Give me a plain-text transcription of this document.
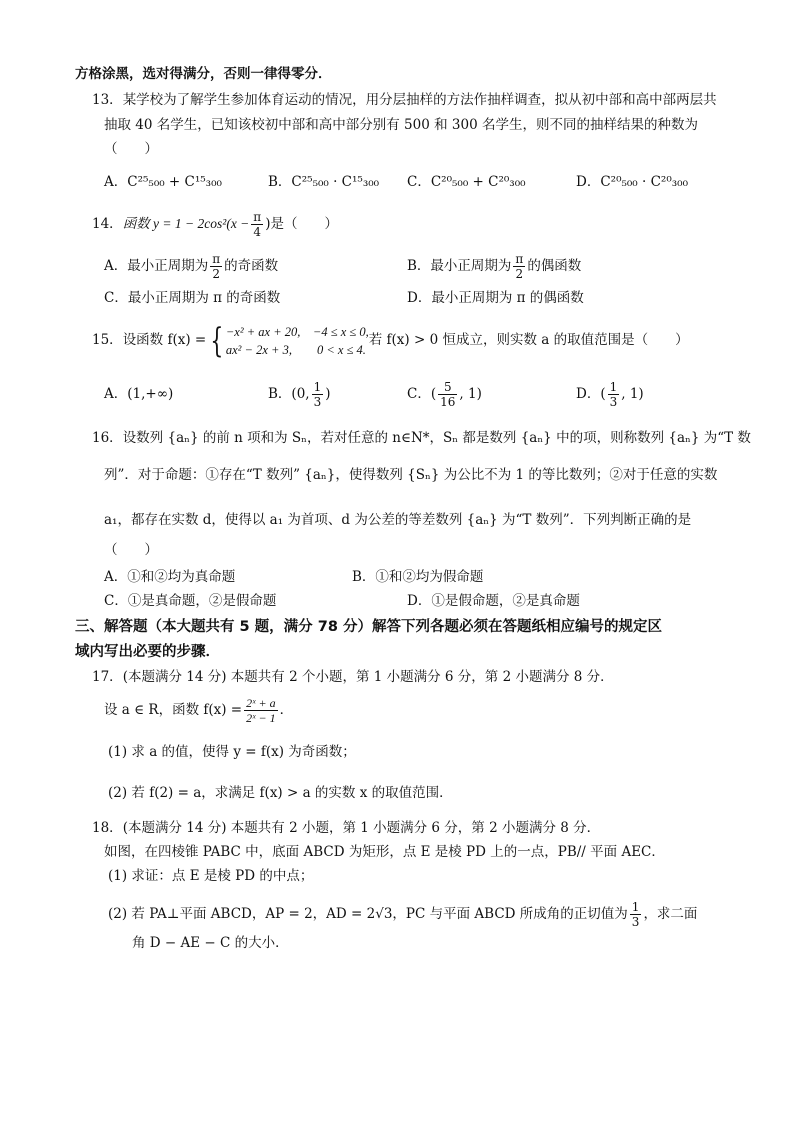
方格涂黑，选对得满分，否则一律得零分．
13．某学校为了解学生参加体育运动的情况，用分层抽样的方法作抽样调查，拟从初中部和高中部两层共
抽取 40 名学生，已知该校初中部和高中部分别有 500 和 300 名学生，则不同的抽样结果的种数为
（　　）
A．C²⁵₅₀₀ + C¹⁵₃₀₀	B．C²⁵₅₀₀ · C¹⁵₃₀₀ C．C²⁰₅₀₀ + C²⁰₃₀₀	D．C²⁰₅₀₀ · C²⁰₃₀₀
14．函数 $y = 1 - 2\cos^2(x - \frac{\pi}{4}$ )是（　　）
A．最小正周期为 $\frac{\pi}{2}$ 的奇函数	B．最小正周期为 $\frac{\pi}{2}$ 的偶函数
C．最小正周期为 π 的奇函数	D．最小正周期为 π 的偶函数
15．设函数 f(x) = { −x² + ax + 20,　−4 ≤ x ≤ 0,
ax² − 2x + 3,　　0 < x ≤ 4.
若 f(x) > 0 恒成立，则实数 a 的取值范围是（　　）
A．(1,+∞)	B．(0, $\frac{1}{3}$ )	C．( $\frac{5}{16}$ , 1)	D．( $\frac{1}{3}$ , 1)
16．设数列 {aₙ} 的前 n 项和为 Sₙ，若对任意的 n∈N*，Sₙ 都是数列 {aₙ} 中的项，则称数列 {aₙ} 为“T 数
列”．对于命题：①存在“T 数列” {aₙ}，使得数列 {Sₙ} 为公比不为 1 的等比数列；②对于任意的实数
a₁，都存在实数 d，使得以 a₁ 为首项、d 为公差的等差数列 {aₙ} 为“T 数列”．下列判断正确的是
（　　）
A．①和②均为真命题	B．①和②均为假命题
C．①是真命题，②是假命题	D．①是假命题，②是真命题
三、解答题（本大题共有 5 题，满分 78 分）解答下列各题必须在答题纸相应编号的规定区
域内写出必要的步骤．
17．(本题满分 14 分) 本题共有 2 个小题，第 1 小题满分 6 分，第 2 小题满分 8 分．
设 a ∈ R，函数 $f(x) = \frac{\text{2ˣ + a}}{\text{2ˣ − 1}}$ ．
(1) 求 a 的值，使得 y = f(x) 为奇函数；
(2) 若 f(2) = a，求满足 f(x) > a 的实数 x 的取值范围．
18．(本题满分 14 分) 本题共有 2 小题，第 1 小题满分 6 分，第 2 小题满分 8 分．
如图，在四棱锥 PABC 中，底面 ABCD 为矩形，点 E 是棱 PD 上的一点，PB// 平面 AEC．
(1) 求证：点 E 是棱 PD 的中点；
(2) 若 PA⊥平面 ABCD，AP = 2，AD = 2√3，PC 与平面 ABCD 所成角的正切值为 $\frac{1}{3}$ ，求二面
角 D − AE − C 的大小．
